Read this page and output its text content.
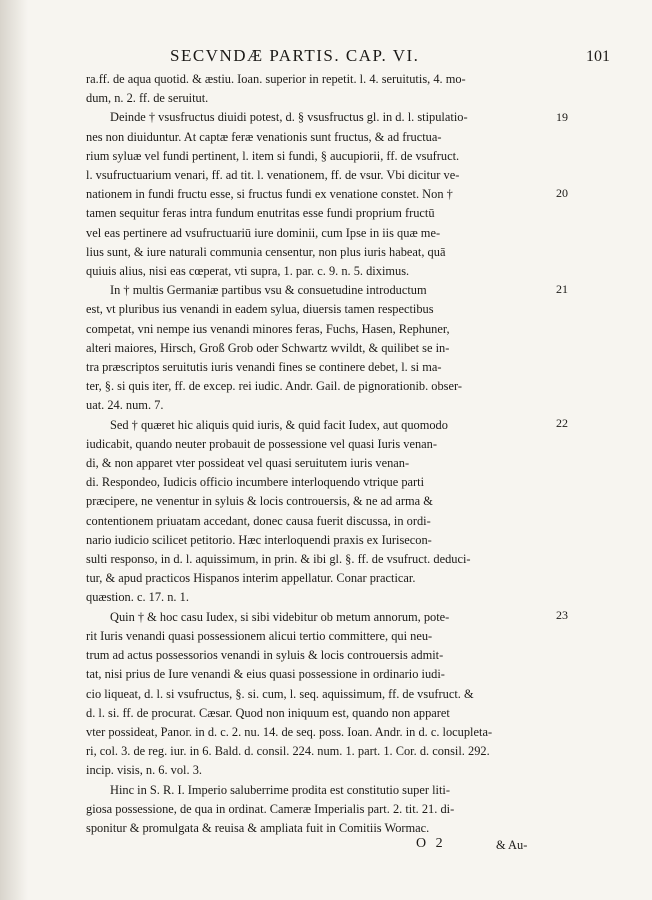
SECVNDÆ PARTIS. CAP. VI.	101
ra.ff. de aqua quotid. & æstiu. Ioan. superior in repetit. l. 4. seruitutis, 4. mo-
dum, n. 2. ff. de seruitut.
Deinde † vsusfructus diuidi potest, d. § vsusfructus gl. in d. l. stipulatio-
nes non diuiduntur. At captæ feræ venationis sunt fructus, & ad fructua-
rium syluæ vel fundi pertinent, l. item si fundi, § aucupiorii, ff. de vsufruct.
l. vsufructuarium venari, ff. ad tit. l. venationem, ff. de vsur. Vbi dicitur ve-
nationem in fundi fructu esse, si fructus fundi ex venatione constet. Non †
tamen sequitur feras intra fundum enutritas esse fundi proprium fructū
vel eas pertinere ad vsufructuariū iure dominii, cum Ipse in iis quæ me-
lius sunt, & iure naturali communia censentur, non plus iuris habeat, quā
quiuis alius, nisi eas cœperat, vti supra, 1. par. c. 9. n. 5. diximus.
In † multis Germaniæ partibus vsu & consuetudine introductum
est, vt pluribus ius venandi in eadem sylua, diuersis tamen respectibus
competat, vni nempe ius venandi minores feras, Fuchs, Hasen, Rephuner,
alteri maiores, Hirsch, Groß Grob oder Schwartz wvildt, & quilibet se in-
tra præscriptos seruitutis iuris venandi fines se continere debet, l. si ma-
ter, §. si quis iter, ff. de excep. rei iudic. Andr. Gail. de pignorationib. obser-
uat. 24. num. 7.
Sed † quæret hic aliquis quid iuris, & quid facit Iudex, aut quomodo
iudicabit, quando neuter probauit de possessione vel quasi Iuris venan-
di, & non apparet vter possideat vel quasi seruitutem iuris venan-
di. Respondeo, Iudicis officio incumbere interloquendo vtrique parti
præcipere, ne venentur in syluis & locis controuersis, & ne ad arma &
contentionem priuatam accedant, donec causa fuerit discussa, in ordi-
nario iudicio scilicet petitorio. Hæc interloquendi praxis ex Iurisecon-
sulti responso, in d. l. aquissimum, in prin. & ibi gl. §. ff. de vsufruct. deduci-
tur, & apud practicos Hispanos interim appellatur. Conar practicar.
quæstion. c. 17. n. 1.
Quin † & hoc casu Iudex, si sibi videbitur ob metum annorum, pote-
rit Iuris venandi quasi possessionem alicui tertio committere, qui neu-
trum ad actus possessorios venandi in syluis & locis controuersis admit-
tat, nisi prius de Iure venandi & eius quasi possessione in ordinario iudi-
cio liqueat, d. l. si vsufructus, §. si. cum, l. seq. aquissimum, ff. de vsufruct. &
d. l. si. ff. de procurat. Cæsar. Quod non iniquum est, quando non apparet
vter possideat, Panor. in d. c. 2. nu. 14. de seq. poss. Ioan. Andr. in d. c. locupleta-
ri, col. 3. de reg. iur. in 6. Bald. d. consil. 224. num. 1. part. 1. Cor. d. consil. 292.
incip. visis, n. 6. vol. 3.
Hinc in S. R. I. Imperio saluberrime prodita est constitutio super liti-
giosa possessione, de qua in ordinat. Cameræ Imperialis part. 2. tit. 21. di-
sponitur & promulgata & reuisa & ampliata fuit in Comitiis Wormac.
19
20
21
22
23
O 2	& Au-
